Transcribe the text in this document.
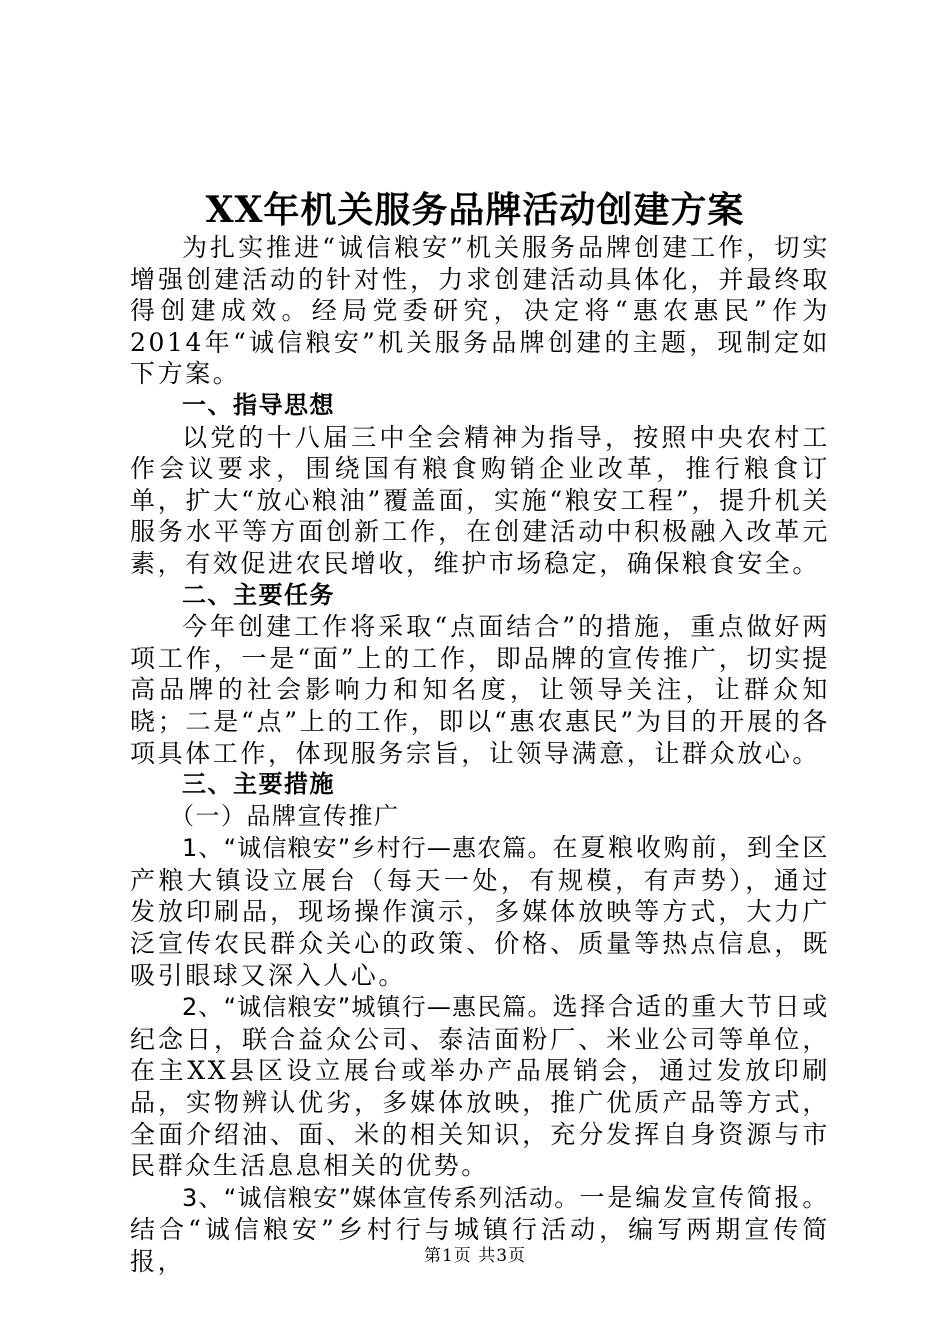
XX年机关服务品牌活动创建方案

为扎实推进“诚信粮安”机关服务品牌创建工作，切实增强创建活动的针对性，力求创建活动具体化，并最终取得创建成效。经局党委研究，决定将“惠农惠民”作为2014年“诚信粮安”机关服务品牌创建的主题，现制定如下方案。

一、指导思想

以党的十八届三中全会精神为指导，按照中央农村工作会议要求，围绕国有粮食购销企业改革，推行粮食订单，扩大“放心粮油”覆盖面，实施“粮安工程”，提升机关服务水平等方面创新工作，在创建活动中积极融入改革元素，有效促进农民增收，维护市场稳定，确保粮食安全。

二、主要任务

今年创建工作将采取“点面结合”的措施，重点做好两项工作，一是“面”上的工作，即品牌的宣传推广，切实提高品牌的社会影响力和知名度，让领导关注，让群众知晓；二是“点”上的工作，即以“惠农惠民”为目的开展的各项具体工作，体现服务宗旨，让领导满意，让群众放心。

三、主要措施

（一）品牌宣传推广

1、“诚信粮安”乡村行—惠农篇。在夏粮收购前，到全区产粮大镇设立展台（每天一处，有规模，有声势），通过发放印刷品，现场操作演示，多媒体放映等方式，大力广泛宣传农民群众关心的政策、价格、质量等热点信息，既吸引眼球又深入人心。

2、“诚信粮安”城镇行—惠民篇。选择合适的重大节日或纪念日，联合益众公司、泰洁面粉厂、米业公司等单位，在主XX县区设立展台或举办产品展销会，通过发放印刷品，实物辨认优劣，多媒体放映，推广优质产品等方式，全面介绍油、面、米的相关知识，充分发挥自身资源与市民群众生活息息相关的优势。

3、“诚信粮安”媒体宣传系列活动。一是编发宣传简报。结合“诚信粮安”乡村行与城镇行活动，编写两期宣传简报，	第1页 共3页
